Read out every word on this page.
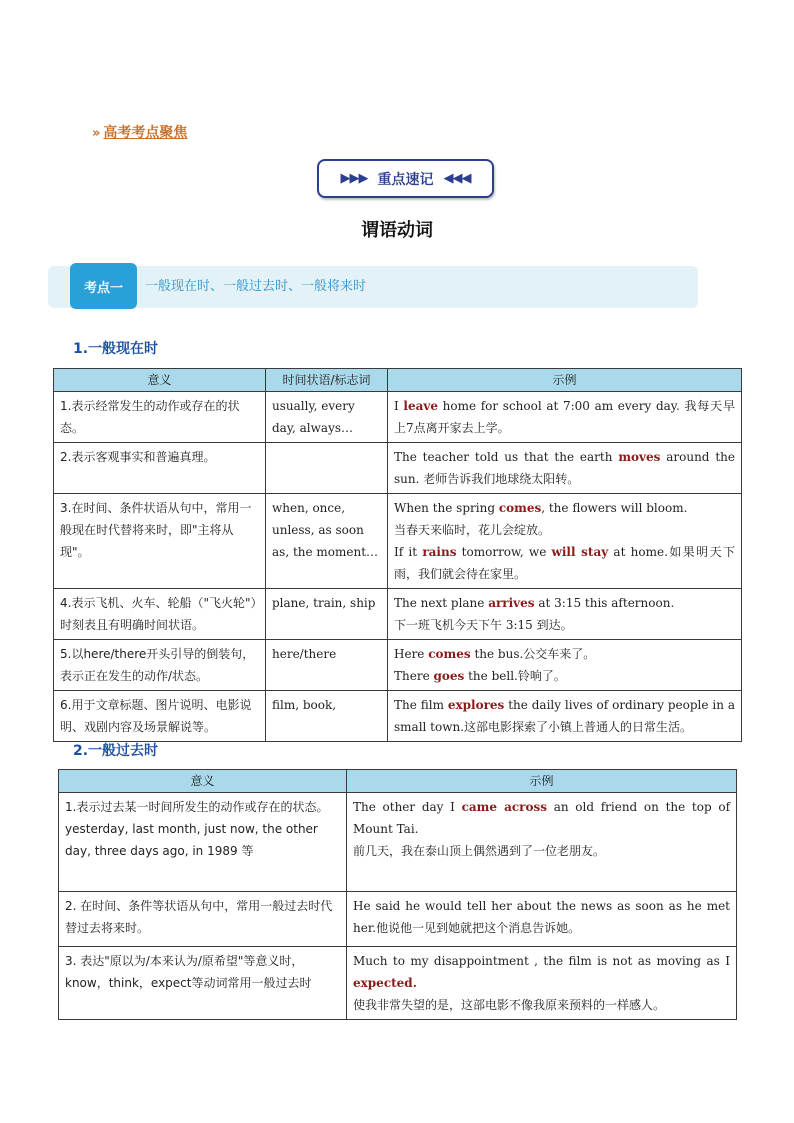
» 高考考点聚焦
▶▶▶ 重点速记 ◀◀◀
谓语动词
考点一	一般现在时、一般过去时、一般将来时
1.一般现在时
意义	时间状语/标志词	示例
1.表示经常发生的动作或存在的状态。	usually, every day, always…	I leave home for school at 7:00 am every day. 我每天早上7点离开家去上学。

2.表示客观事实和普遍真理。		The teacher told us that the earth moves around the sun. 老师告诉我们地球绕太阳转。

3.在时间、条件状语从句中，常用一般现在时代替将来时，即"主将从现"。	when, once, unless, as soon as, the moment…	When the spring comes, the flowers will bloom.
当春天来临时，花儿会绽放。
If it rains tomorrow, we will stay at home.如果明天下雨，我们就会待在家里。

4.表示飞机、火车、轮船（"飞火轮"）时刻表且有明确时间状语。	plane, train, ship	The next plane arrives at 3:15 this afternoon.
下一班飞机今天下午 3:15 到达。

5.以here/there开头引导的倒装句，表示正在发生的动作/状态。	here/there	Here comes the bus.公交车来了。
There goes the bell.铃响了。

6.用于文章标题、图片说明、电影说明、戏剧内容及场景解说等。	film, book,	The film explores the daily lives of ordinary people in a small town.这部电影探索了小镇上普通人的日常生活。
2.一般过去时
意义	示例
1.表示过去某一时间所发生的动作或存在的状态。yesterday, last month, just now, the other day, three days ago, in 1989 等	The other day I came across an old friend on the top of Mount Tai.
前几天，我在泰山顶上偶然遇到了一位老朋友。

2. 在时间、条件等状语从句中，常用一般过去时代替过去将来时。	He said he would tell her about the news as soon as he met her.他说他一见到她就把这个消息告诉她。

3. 表达"原以为/本来认为/原希望"等意义时，know，think，expect等动词常用一般过去时	Much to my disappointment , the film is not as moving as I expected.
使我非常失望的是，这部电影不像我原来预料的一样感人。
